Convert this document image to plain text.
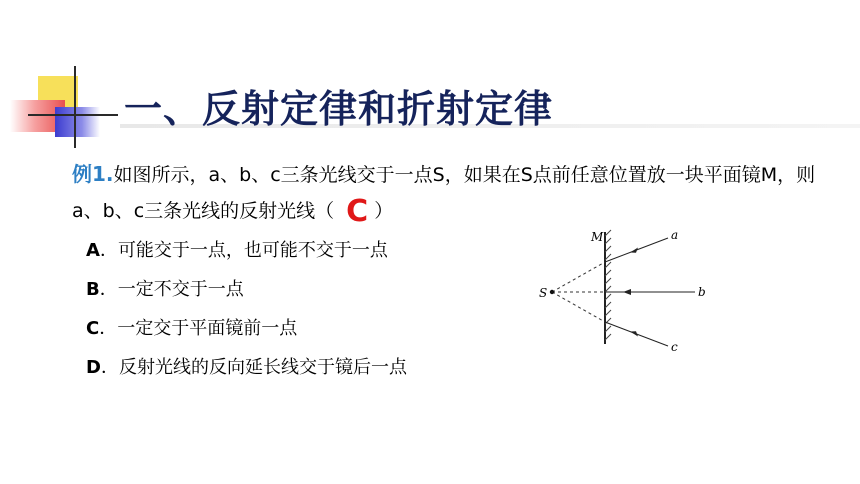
一、反射定律和折射定律
例1.如图所示，a、b、c三条光线交于一点S，如果在S点前任意位置放一块平面镜M，则a、b、c三条光线的反射光线（ C ）
A．可能交于一点，也可能不交于一点
B．一定不交于一点
C．一定交于平面镜前一点
D．反射光线的反向延长线交于镜后一点
M
S
a
b
c
